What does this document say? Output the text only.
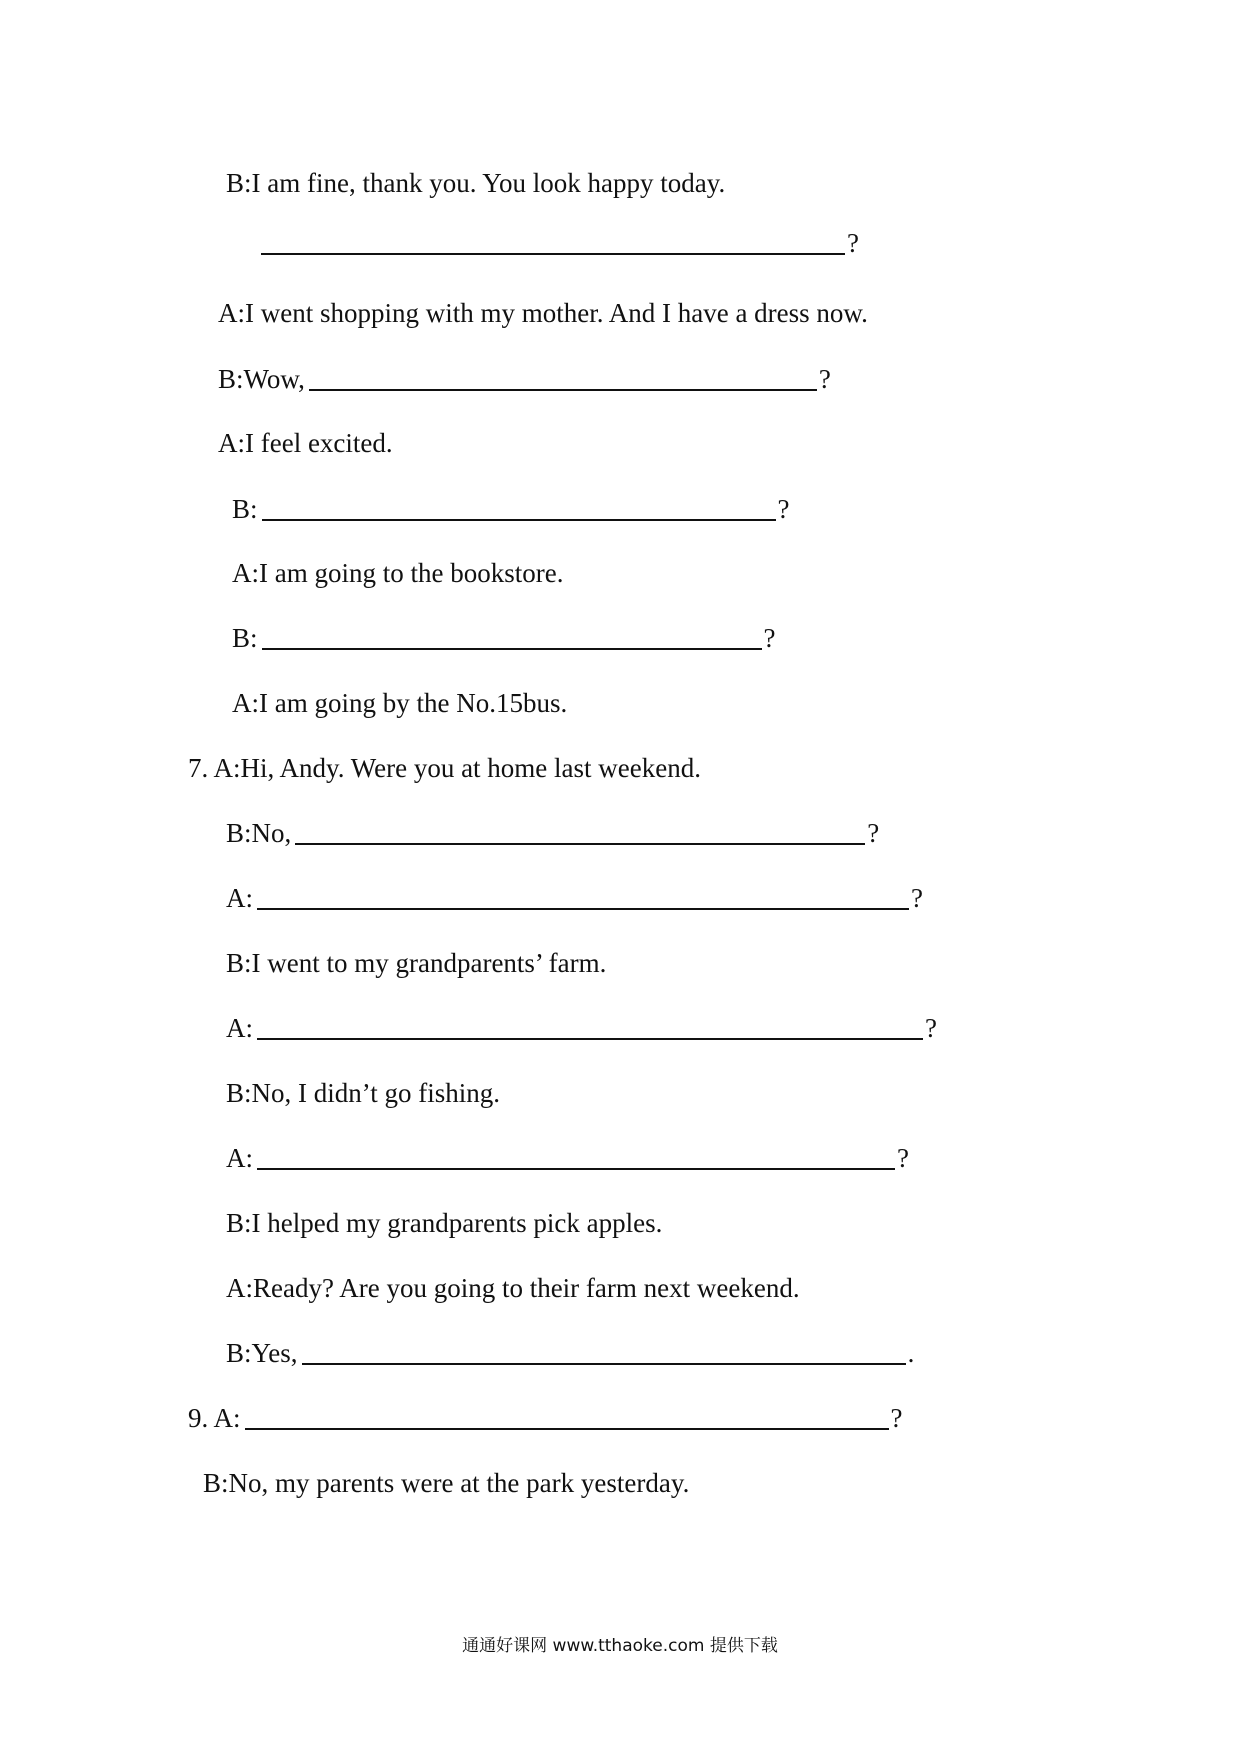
B: I am fine, thank you. You look happy today.
?
A: I went shopping with my mother. And I have a dress now.
B: Wow,	?
A: I feel excited.
B:	?
A: I am going to the bookstore.
B:	?
A: I am going by the No.15bus.
7. A: Hi, Andy. Were you at home last weekend.
B: No,	?
A:	?
B: I went to my grandparents’ farm.
A:	?
B: No, I didn’t go fishing.
A:	?
B: I helped my grandparents pick apples.
A: Ready? Are you going to their farm next weekend.
B: Yes,	.
9. A:	?
B: No, my parents were at the park yesterday.
通通好课网 www.tthaoke.com 提供下载
